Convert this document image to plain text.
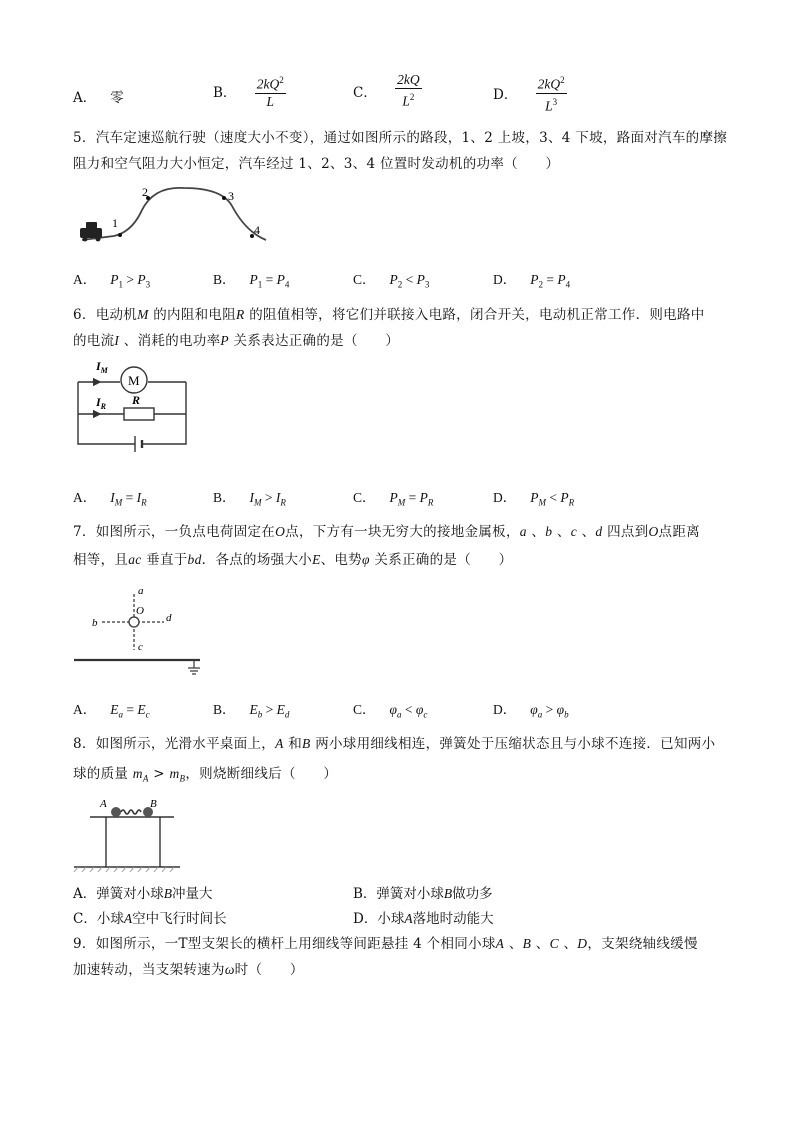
A． 零	B． $\frac{2kQ^2}{L}$	C． $\frac{2kQ}{L^2}$	D． $\frac{2kQ^2}{L^3}$
5．汽车定速巡航行驶（速度大小不变），通过如图所示的路段，1、2 上坡，3、4 下坡，路面对汽车的摩擦
阻力和空气阻力大小恒定，汽车经过 1、2、3、4 位置时发动机的功率（　　）
1
2	3
4
A． $P_1 > P_3$	B． $P_1 = P_4$	C． $P_2 < P_3$	D． $P_2 = P_4$
6．电动机M 的内阻和电阻R 的阻值相等，将它们并联接入电路，闭合开关，电动机正常工作．则电路中
的电流I 、消耗的电功率P 关系表达正确的是（　　）
M
$I_M$
$I_R$ R
A． $I_M = I_R$	B． $I_M > I_R$	C． $P_M = P_R$	D． $P_M < P_R$
7．如图所示，一负点电荷固定在O点，下方有一块无穷大的接地金属板，a 、b 、c 、d 四点到O点距离
相等，且ac 垂直于bd．各点的场强大小E、电势φ 关系正确的是（　　）
a
b
c
d
O
A． $E_a = E_c$	B． $E_b > E_d$	C． $\varphi_a < \varphi_c$	D． $\varphi_a > \varphi_b$
8．如图所示，光滑水平桌面上，A 和B 两小球用细线相连，弹簧处于压缩状态且与小球不连接．已知两小
球的质量 $m_A > m_B$，则烧断细线后（　　）
A	B
A．弹簧对小球B冲量大	B．弹簧对小球B做功多
C．小球A空中飞行时间长	D．小球A落地时动能大
9．如图所示，一T型支架长的横杆上用细线等间距悬挂 4 个相同小球A 、B 、C 、D，支架绕轴线缓慢
加速转动，当支架转速为ω时（　　）
